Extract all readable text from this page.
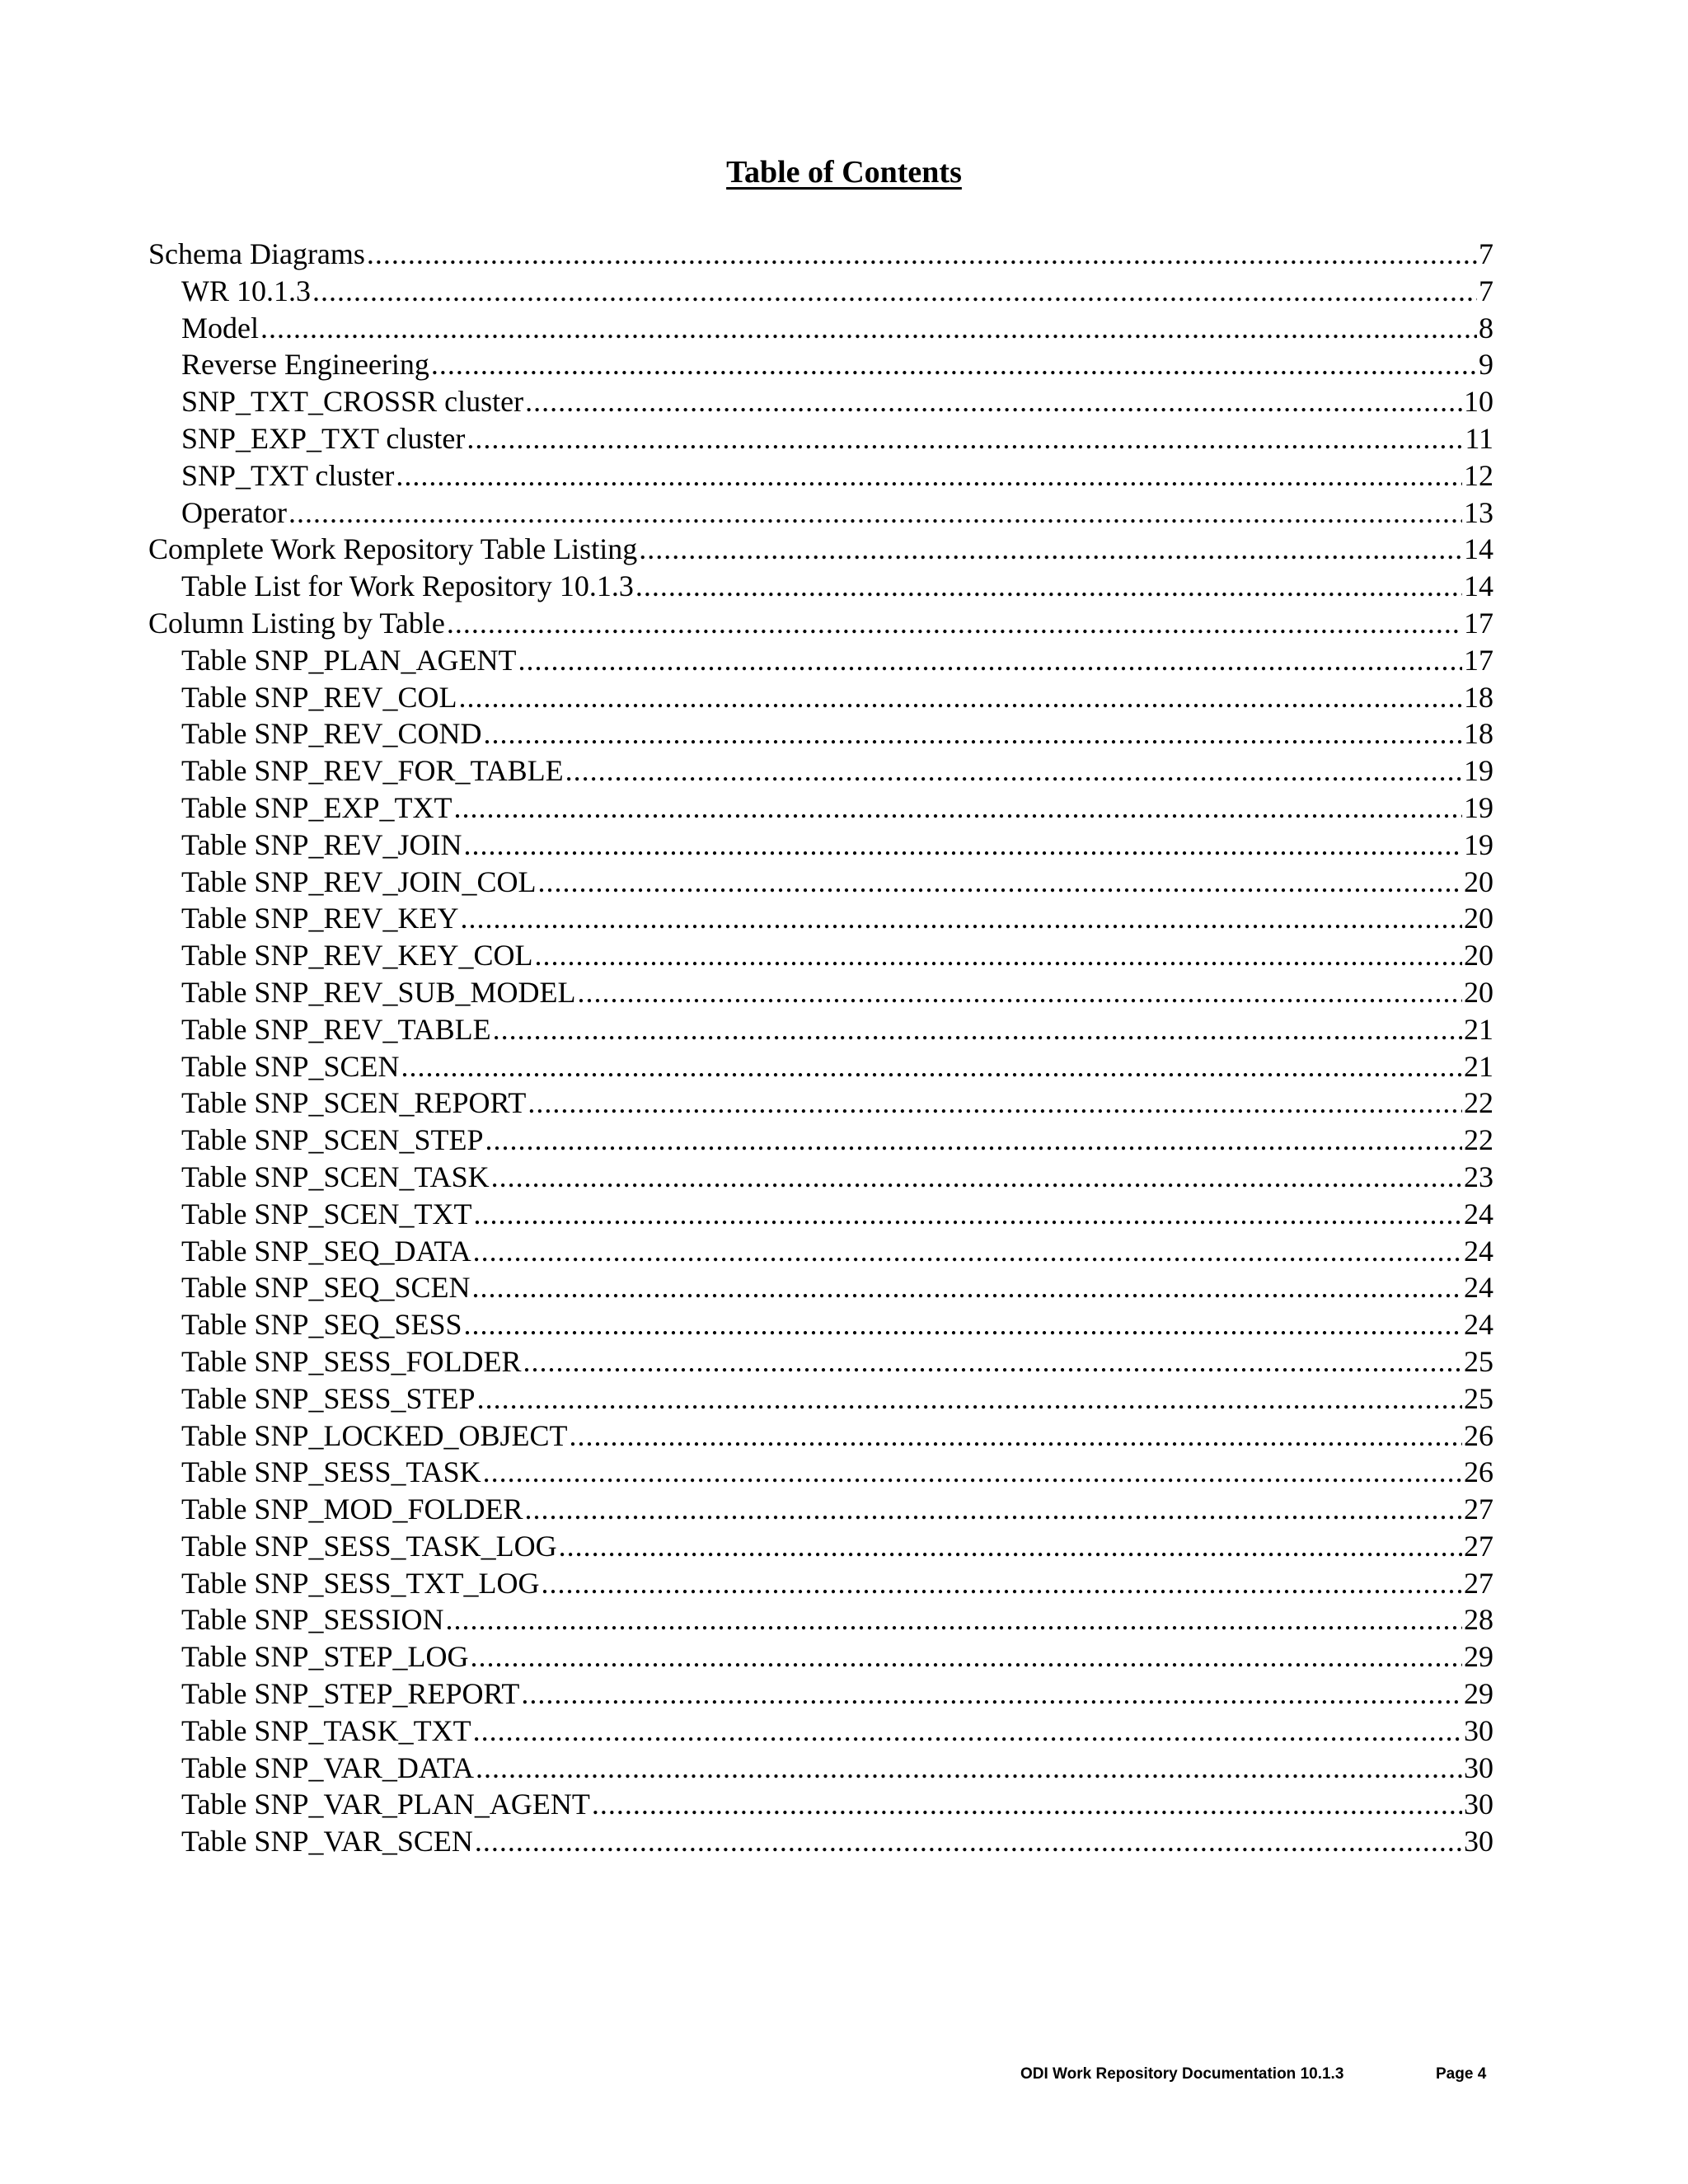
Table of Contents
Schema Diagrams .....	7
WR 10.1.3 .....	7
Model .....	8
Reverse Engineering .....	9
SNP_TXT_CROSSR cluster .....	10
SNP_EXP_TXT cluster .....	11
SNP_TXT cluster .....	12
Operator .....	13
Complete Work Repository Table Listing .....	14
Table List for Work Repository 10.1.3 .....	14
Column Listing by Table .....	17
Table SNP_PLAN_AGENT .....	17
Table SNP_REV_COL .....	18
Table SNP_REV_COND .....	18
Table SNP_REV_FOR_TABLE .....	19
Table SNP_EXP_TXT .....	19
Table SNP_REV_JOIN .....	19
Table SNP_REV_JOIN_COL .....	20
Table SNP_REV_KEY .....	20
Table SNP_REV_KEY_COL .....	20
Table SNP_REV_SUB_MODEL .....	20
Table SNP_REV_TABLE .....	21
Table SNP_SCEN .....	21
Table SNP_SCEN_REPORT .....	22
Table SNP_SCEN_STEP .....	22
Table SNP_SCEN_TASK .....	23
Table SNP_SCEN_TXT .....	24
Table SNP_SEQ_DATA .....	24
Table SNP_SEQ_SCEN .....	24
Table SNP_SEQ_SESS .....	24
Table SNP_SESS_FOLDER .....	25
Table SNP_SESS_STEP .....	25
Table SNP_LOCKED_OBJECT .....	26
Table SNP_SESS_TASK .....	26
Table SNP_MOD_FOLDER .....	27
Table SNP_SESS_TASK_LOG .....	27
Table SNP_SESS_TXT_LOG .....	27
Table SNP_SESSION .....	28
Table SNP_STEP_LOG .....	29
Table SNP_STEP_REPORT .....	29
Table SNP_TASK_TXT .....	30
Table SNP_VAR_DATA .....	30
Table SNP_VAR_PLAN_AGENT .....	30
Table SNP_VAR_SCEN .....	30
ODI Work Repository Documentation 10.1.3	Page 4
